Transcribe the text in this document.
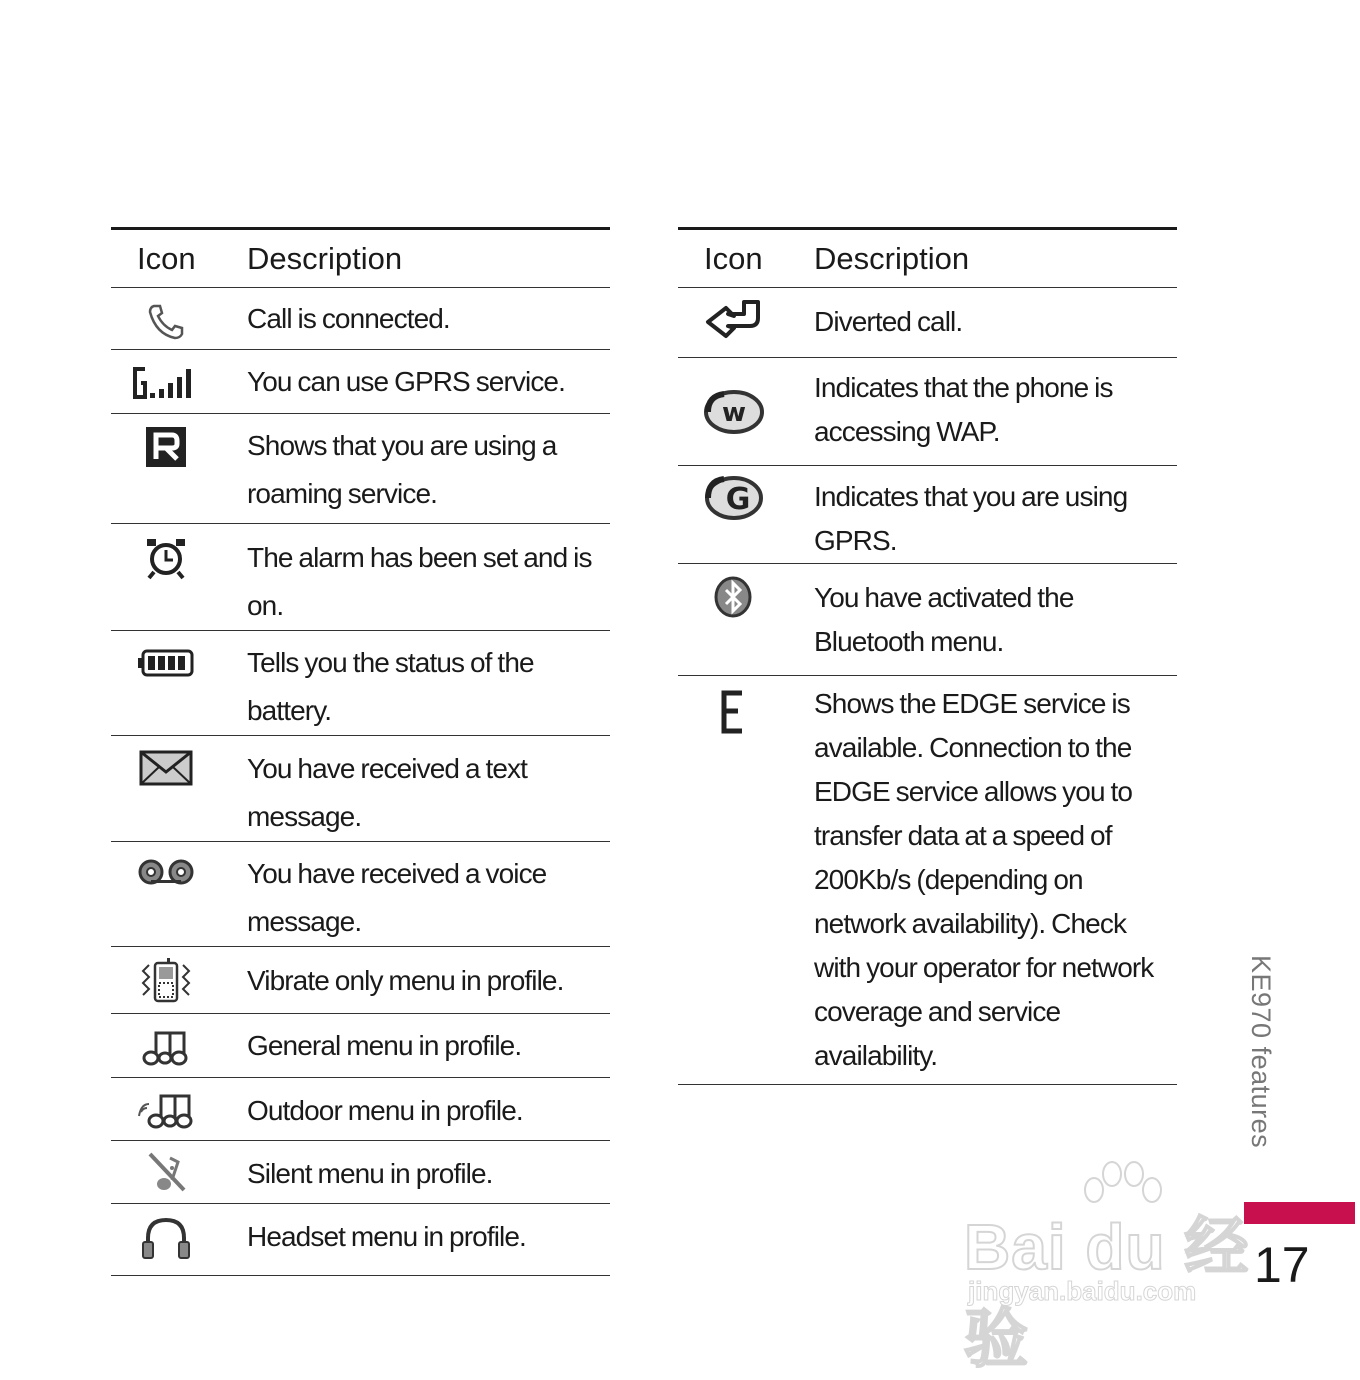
Icon	Description

	Call is connected.

	You can use GPRS service.

	Shows that you are using a roaming service.

	The alarm has been set and is on.

	Tells you the status of the battery.

	You have received a text message.

	You have received a voice message.

	Vibrate only menu in profile.

	General menu in profile.

	Outdoor menu in profile.

	Silent menu in profile.

	Headset menu in profile.
Icon	Description

	Diverted call.

w	Indicates that the phone is accessing WAP.

G	Indicates that you are using GPRS.

	You have activated the Bluetooth menu.

	Shows the EDGE service is available. Connection to the EDGE service allows you to transfer data at a speed of 200Kb/s (depending on network availability). Check with your operator for network coverage and service availability.	KE970 features
17
Bai du 经验
jingyan.baidu.com
